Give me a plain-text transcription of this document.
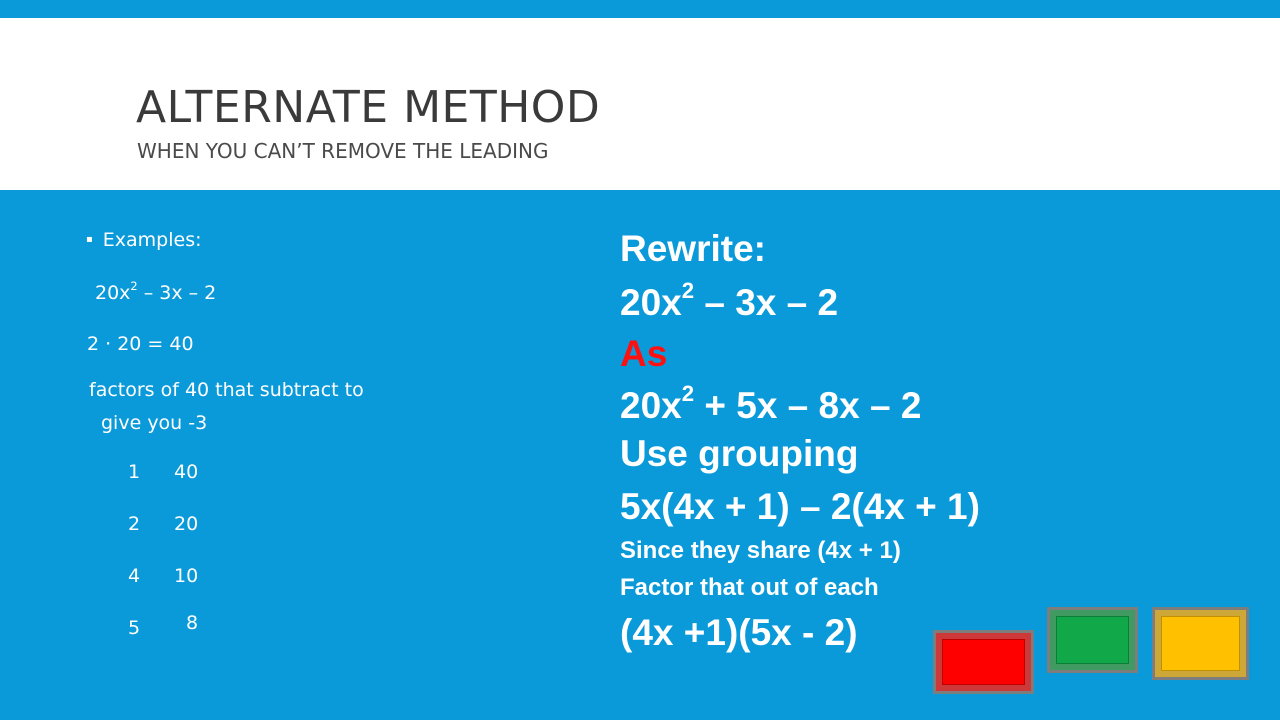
ALTERNATE METHOD
WHEN YOU CAN’T REMOVE THE LEADING
▪ Examples:
$20x^2 - 3x - 2$
2 · 20 = 40
factors of 40 that subtract to
give you -3
1 40
2 20
4 10
5 8
Rewrite:
$20x^2 - 3x - 2$
As
$20x^2 + 5x - 8x - 2$
Use grouping
5x(4x + 1) – 2(4x + 1)
Since they share (4x + 1)
Factor that out of each
(4x +1)(5x - 2)
